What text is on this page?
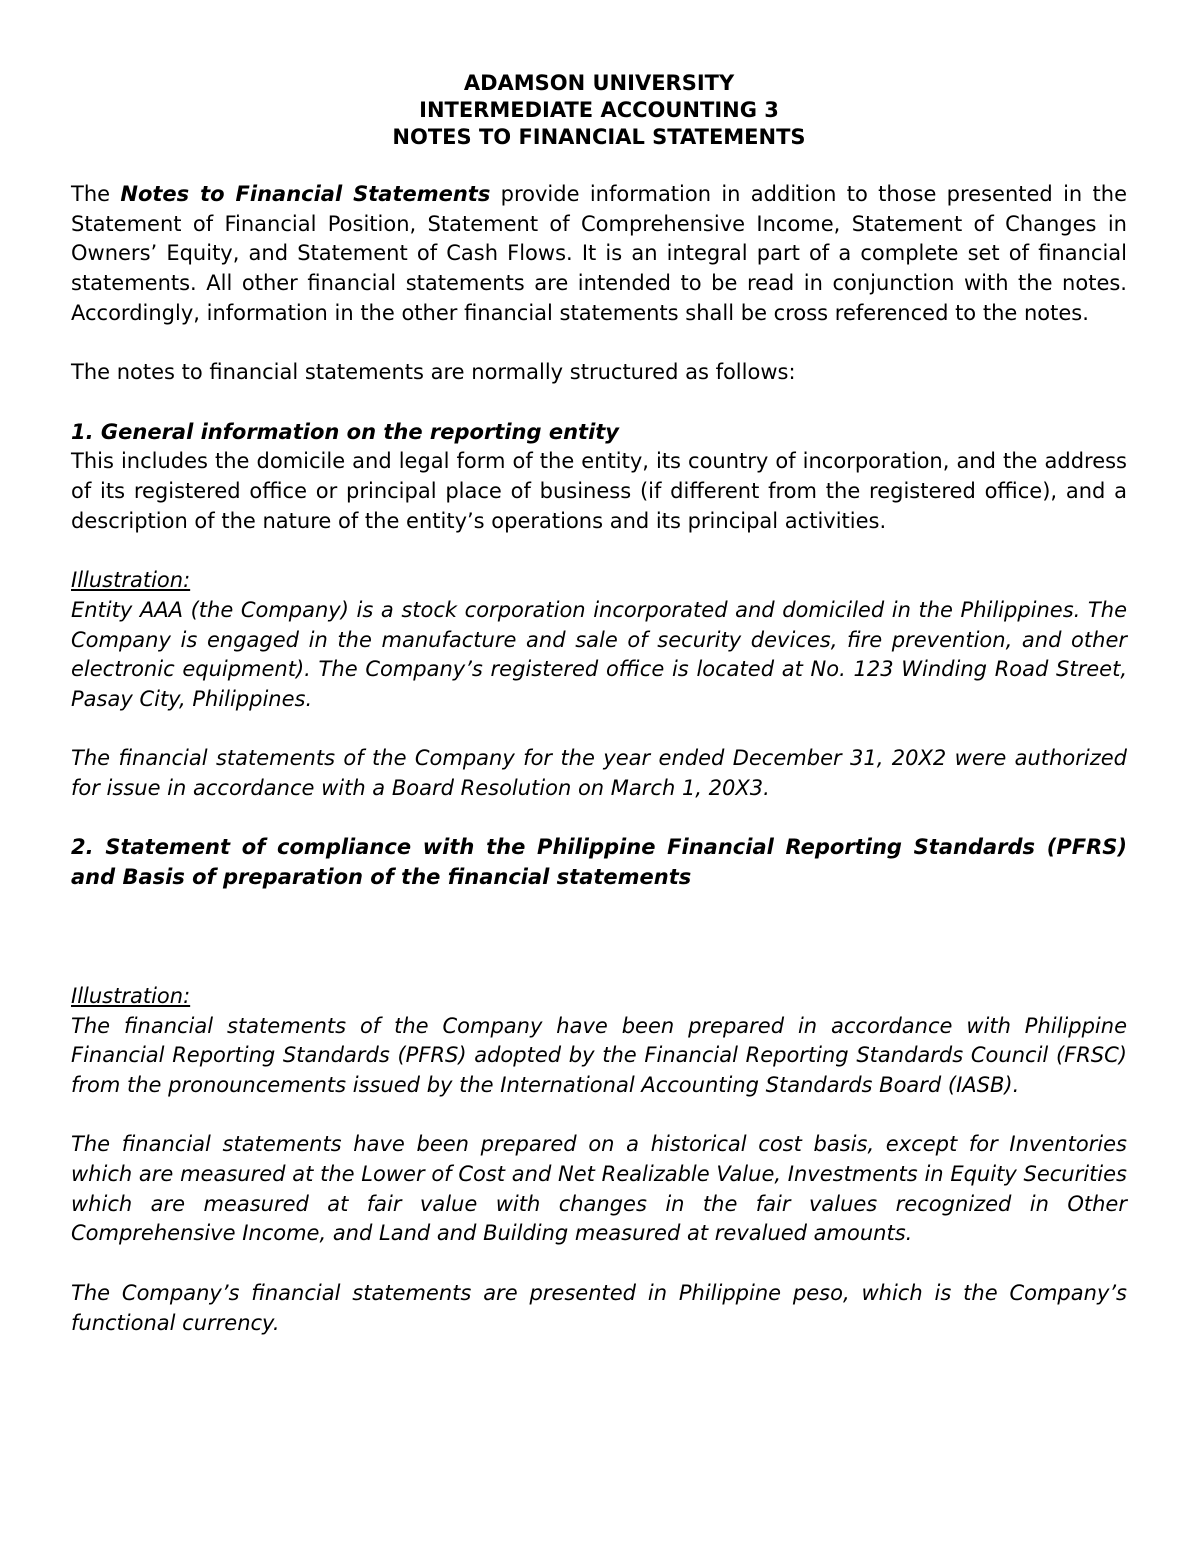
ADAMSON UNIVERSITY
INTERMEDIATE ACCOUNTING 3
NOTES TO FINANCIAL STATEMENTS

The Notes to Financial Statements provide information in addition to those presented in the Statement of Financial Position, Statement of Comprehensive Income, Statement of Changes in Owners’ Equity, and Statement of Cash Flows. It is an integral part of a complete set of financial statements. All other financial statements are intended to be read in conjunction with the notes. Accordingly, information in the other financial statements shall be cross referenced to the notes.

The notes to financial statements are normally structured as follows:

1. General information on the reporting entity

This includes the domicile and legal form of the entity, its country of incorporation, and the address of its registered office or principal place of business (if different from the registered office), and a description of the nature of the entity’s operations and its principal activities.

Illustration:

Entity AAA (the Company) is a stock corporation incorporated and domiciled in the Philippines. The Company is engaged in the manufacture and sale of security devices, fire prevention, and other electronic equipment). The Company’s registered office is located at No. 123 Winding Road Street, Pasay City, Philippines.

The financial statements of the Company for the year ended December 31, 20X2 were authorized for issue in accordance with a Board Resolution on March 1, 20X3.

2. Statement of compliance with the Philippine Financial Reporting Standards (PFRS) and Basis of preparation of the financial statements

Illustration:

The financial statements of the Company have been prepared in accordance with Philippine Financial Reporting Standards (PFRS) adopted by the Financial Reporting Standards Council (FRSC) from the pronouncements issued by the International Accounting Standards Board (IASB).

The financial statements have been prepared on a historical cost basis, except for Inventories which are measured at the Lower of Cost and Net Realizable Value, Investments in Equity Securities which are measured at fair value with changes in the fair values recognized in Other Comprehensive Income, and Land and Building measured at revalued amounts.

The Company’s financial statements are presented in Philippine peso, which is the Company’s functional currency.
